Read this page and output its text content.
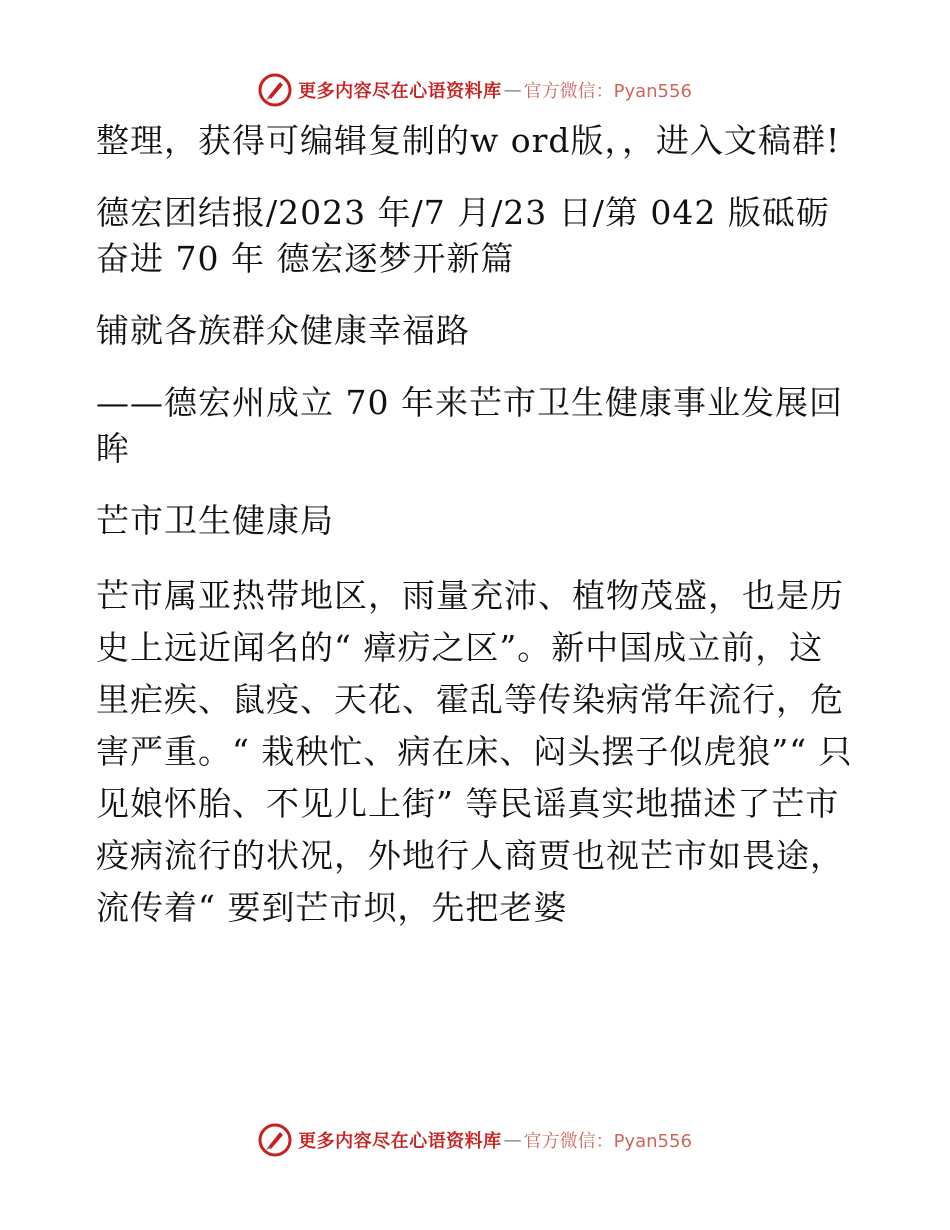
更多内容尽在心语资料库 — 官方微信：Pyan556

整理，获得可编辑复制的w ord版，，进入文稿群!

德宏团结报/2023 年/7 月/23 日/第 042 版砥砺奋进 70 年 德宏逐梦开新篇

铺就各族群众健康幸福路

——德宏州成立 70 年来芒市卫生健康事业发展回眸

芒市卫生健康局

芒市属亚热带地区，雨量充沛、植物茂盛，也是历史上远近闻名的“ 瘴疠之区”。新中国成立前，这里疟疾、鼠疫、天花、霍乱等传染病常年流行，危害严重。“ 栽秧忙、病在床、闷头摆子似虎狼”“ 只见娘怀胎、不见儿上街” 等民谣真实地描述了芒市疫病流行的状况，外地行人商贾也视芒市如畏途，流传着“ 要到芒市坝，先把老婆

更多内容尽在心语资料库 — 官方微信：Pyan556
